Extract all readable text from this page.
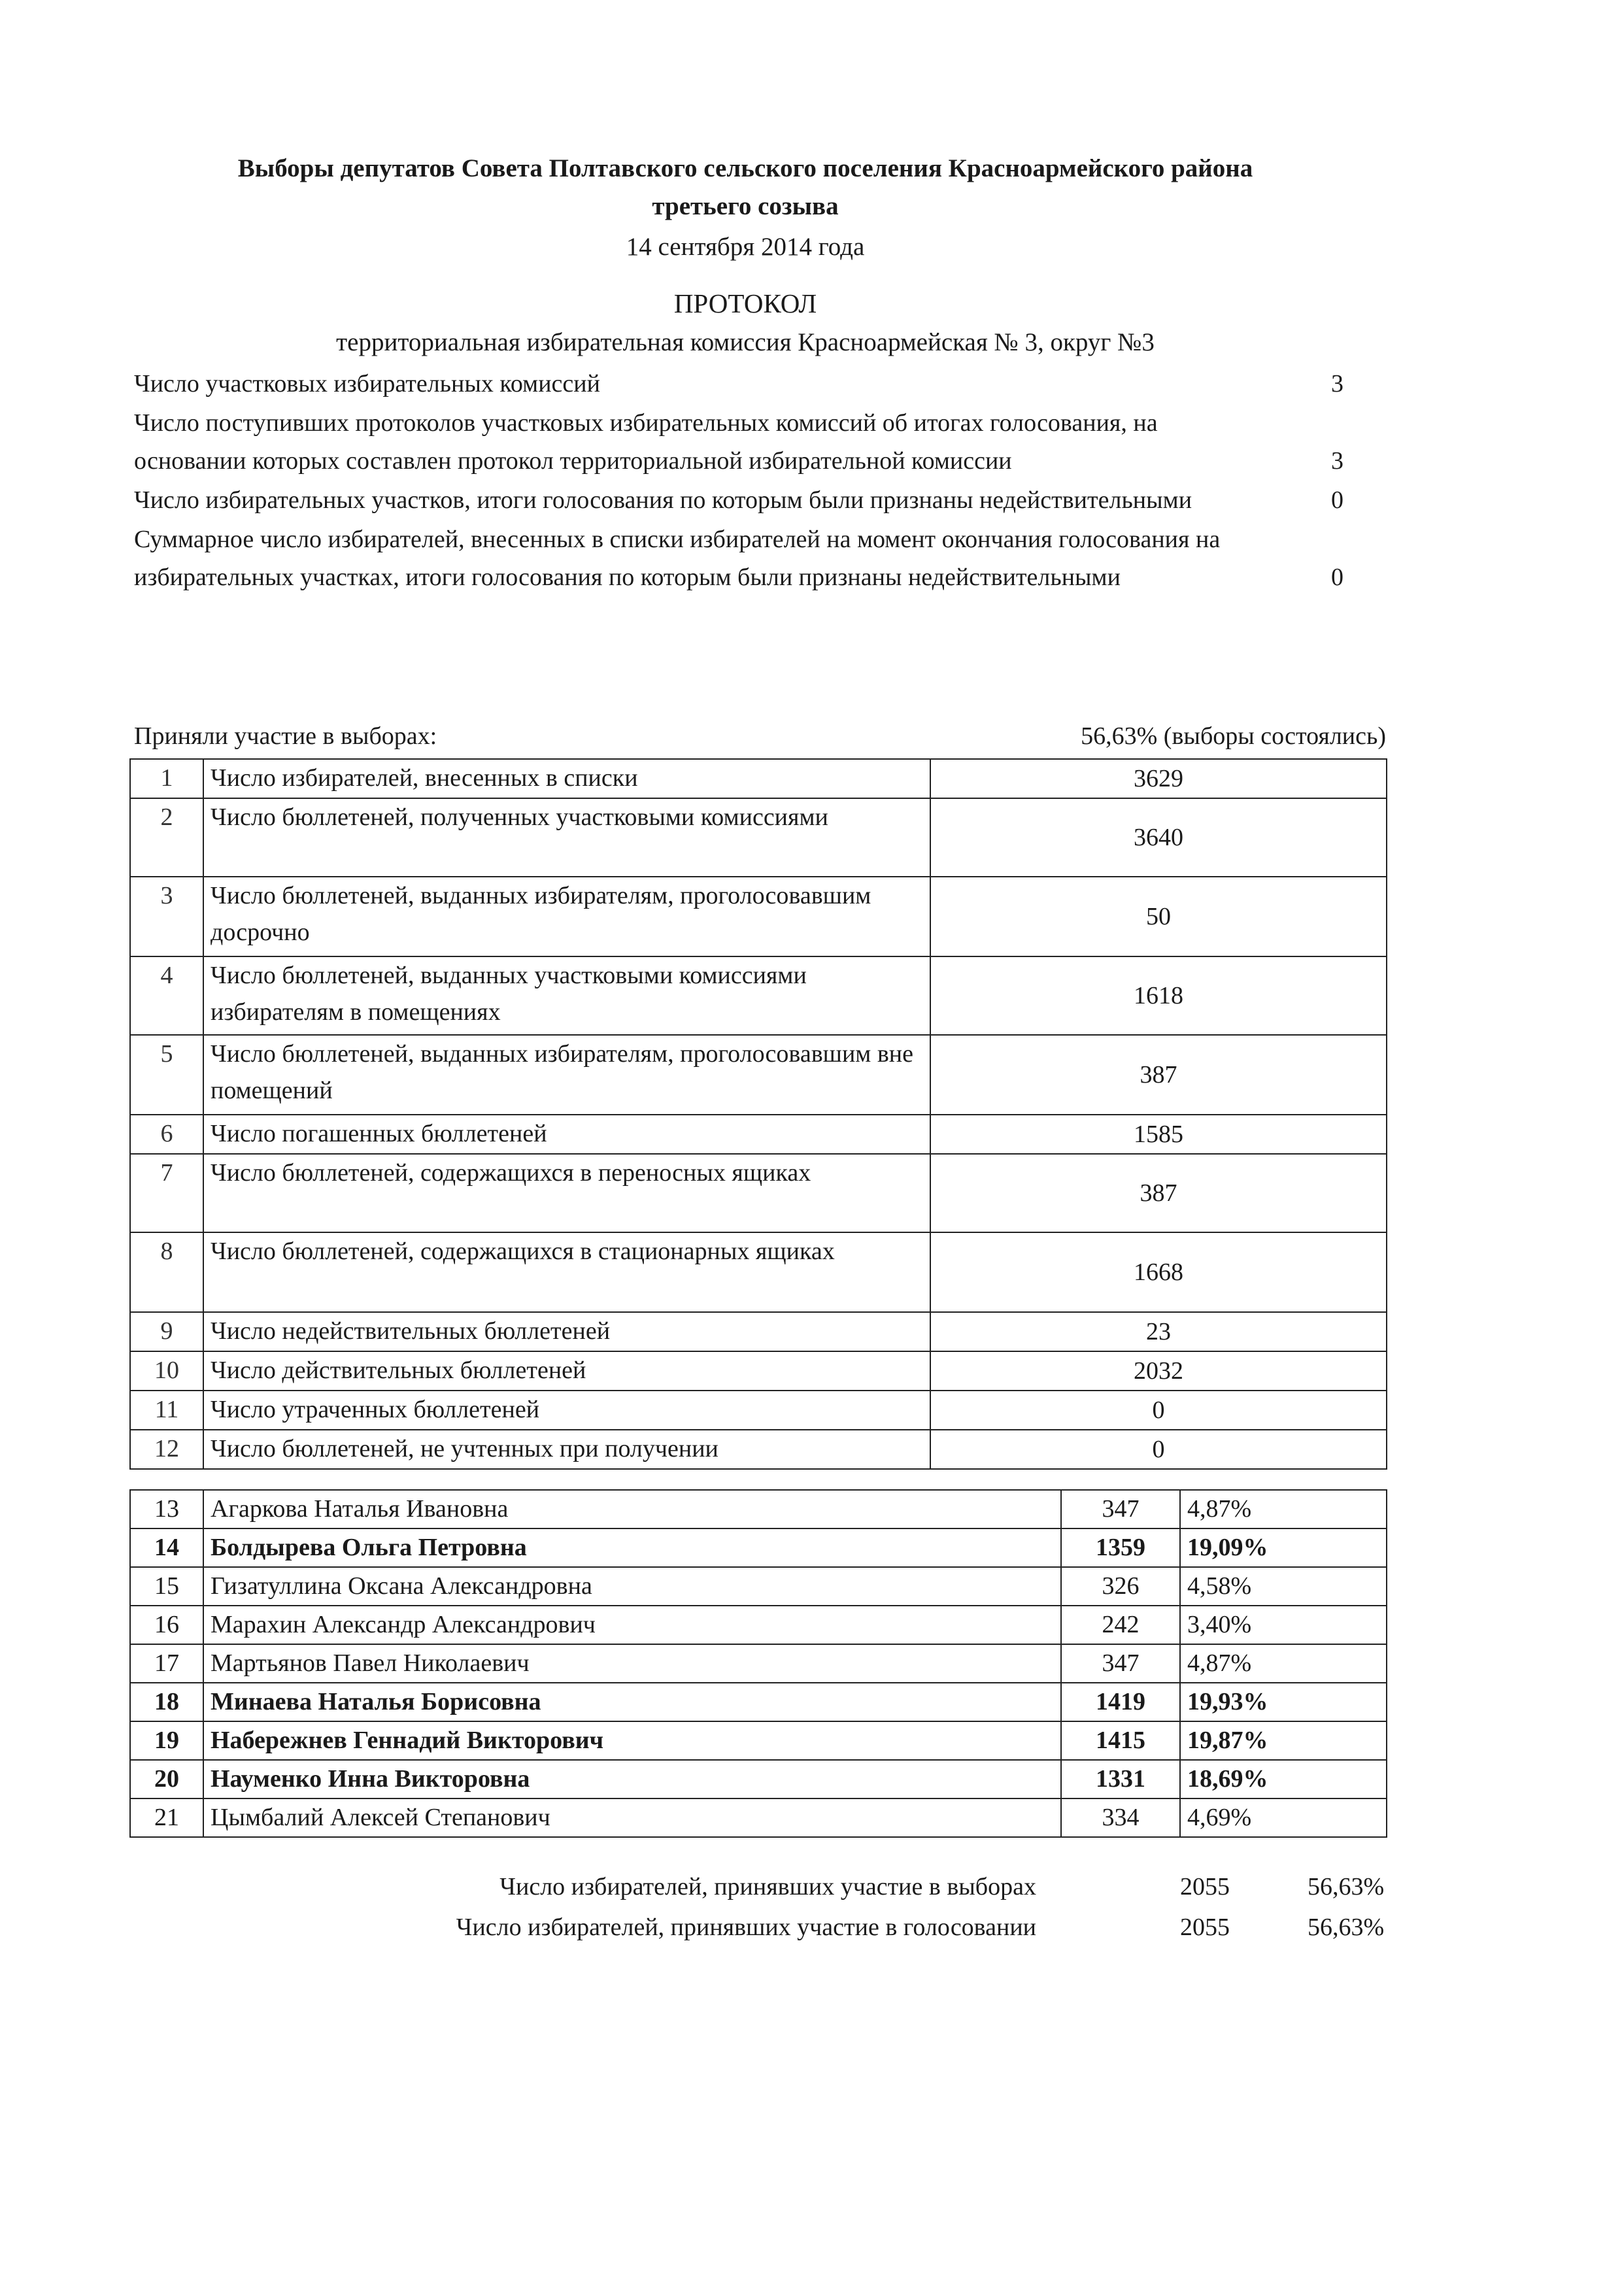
Выборы депутатов Совета Полтавского сельского поселения Красноармейского района
третьего созыва
14 сентября 2014 года
ПРОТОКОЛ
территориальная избирательная комиссия Красноармейская № 3, округ №3
Число участковых избирательных комиссий	3
Число поступивших протоколов участковых избирательных комиссий об итогах голосования, на основании которых составлен протокол территориальной избирательной комиссии	3
Число избирательных участков, итоги голосования по которым были признаны недействительными	0
Суммарное число избирателей, внесенных в списки избирателей на момент окончания голосования на избирательных участках, итоги голосования по которым были признаны недействительными	0
Приняли участие в выборах:	56,63% (выборы состоялись)
1	Число избирателей, внесенных в списки	3629
2	Число бюллетеней, полученных участковыми комиссиями	3640
3	Число бюллетеней, выданных избирателям, проголосовавшим досрочно	50
4	Число бюллетеней, выданных участковыми комиссиями избирателям в помещениях	1618
5	Число бюллетеней, выданных избирателям, проголосовавшим вне помещений	387
6	Число погашенных бюллетеней	1585
7	Число бюллетеней, содержащихся в переносных ящиках	387
8	Число бюллетеней, содержащихся в стационарных ящиках	1668
9	Число недействительных бюллетеней	23
10	Число действительных бюллетеней	2032
11	Число утраченных бюллетеней	0
12	Число бюллетеней, не учтенных при получении	0
13	Агаркова Наталья Ивановна	347	4,87%
14	Болдырева Ольга Петровна	1359	19,09%
15	Гизатуллина Оксана Александровна	326	4,58%
16	Марахин Александр Александрович	242	3,40%
17	Мартьянов Павел Николаевич	347	4,87%
18	Минаева Наталья Борисовна	1419	19,93%
19	Набережнев Геннадий Викторович	1415	19,87%
20	Науменко Инна Викторовна	1331	18,69%
21	Цымбалий Алексей Степанович	334	4,69%
Число избирателей, принявших участие в выборах	2055	56,63%
Число избирателей, принявших участие в голосовании	2055	56,63%
